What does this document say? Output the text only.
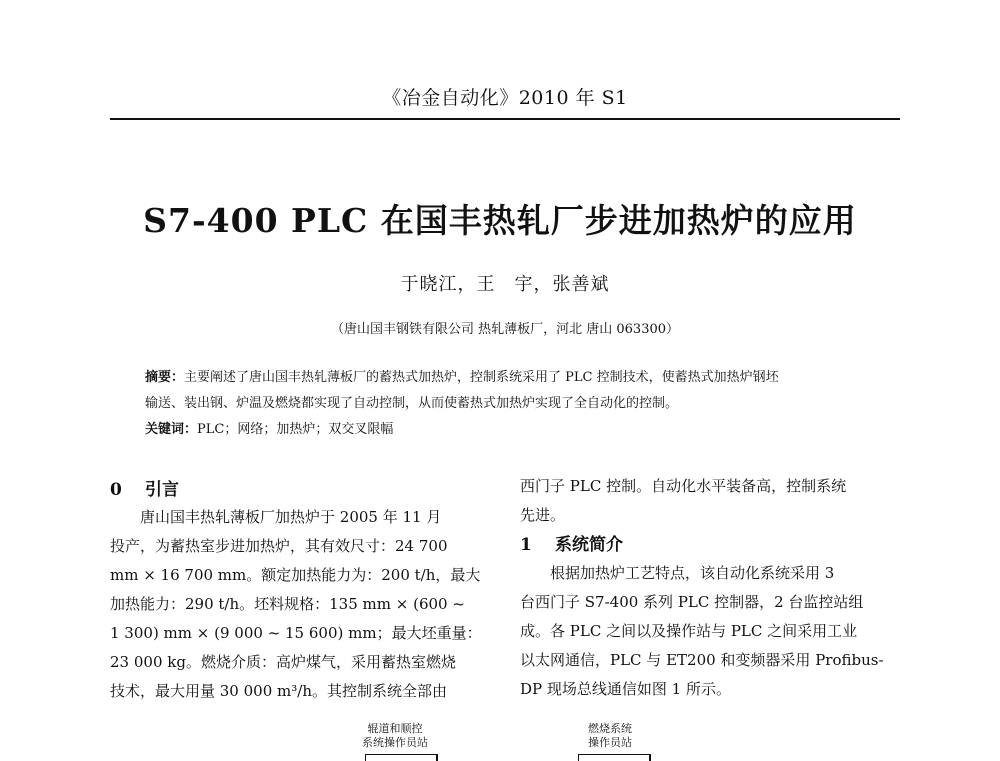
《冶金自动化》2010 年 S1
S7-400 PLC 在国丰热轧厂步进加热炉的应用
于晓江，王　宇，张善斌
（唐山国丰钢铁有限公司 热轧薄板厂，河北 唐山 063300）
摘要：主要阐述了唐山国丰热轧薄板厂的蓄热式加热炉，控制系统采用了 PLC 控制技术，使蓄热式加热炉钢坯
输送、装出钢、炉温及燃烧都实现了自动控制，从而使蓄热式加热炉实现了全自动化的控制。
关键词：PLC；网络；加热炉；双交叉限幅
0 引言
唐山国丰热轧薄板厂加热炉于 2005 年 11 月
投产，为蓄热室步进加热炉，其有效尺寸：24 700
mm × 16 700 mm。额定加热能力为：200 t/h，最大
加热能力：290 t/h。坯料规格：135 mm × (600 ~
1 300) mm × (9 000 ~ 15 600) mm；最大坯重量：
23 000 kg。燃烧介质：高炉煤气，采用蓄热室燃烧
技术，最大用量 30 000 m³/h。其控制系统全部由
西门子 PLC 控制。自动化水平装备高，控制系统
先进。
1 系统简介
根据加热炉工艺特点，该自动化系统采用 3
台西门子 S7-400 系列 PLC 控制器，2 台监控站组
成。各 PLC 之间以及操作站与 PLC 之间采用工业
以太网通信，PLC 与 ET200 和变频器采用 Profibus-
DP 现场总线通信如图 1 所示。
辊道和顺控
系统操作员站
燃烧系统
操作员站
